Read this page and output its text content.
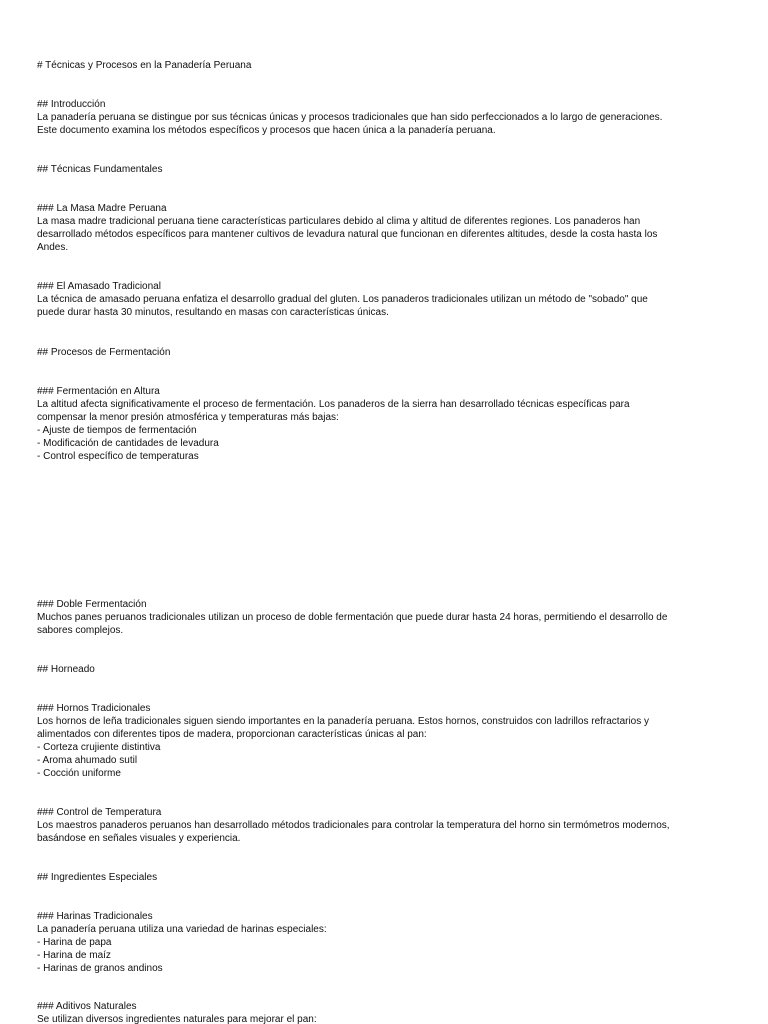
# Técnicas y Procesos en la Panadería Peruana
## Introducción
La panadería peruana se distingue por sus técnicas únicas y procesos tradicionales que han sido perfeccionados a lo largo de generaciones.
Este documento examina los métodos específicos y procesos que hacen única a la panadería peruana.
## Técnicas Fundamentales
### La Masa Madre Peruana
La masa madre tradicional peruana tiene características particulares debido al clima y altitud de diferentes regiones. Los panaderos han
desarrollado métodos específicos para mantener cultivos de levadura natural que funcionan en diferentes altitudes, desde la costa hasta los
Andes.
### El Amasado Tradicional
La técnica de amasado peruana enfatiza el desarrollo gradual del gluten. Los panaderos tradicionales utilizan un método de "sobado" que
puede durar hasta 30 minutos, resultando en masas con características únicas.
## Procesos de Fermentación
### Fermentación en Altura
La altitud afecta significativamente el proceso de fermentación. Los panaderos de la sierra han desarrollado técnicas específicas para
compensar la menor presión atmosférica y temperaturas más bajas:
- Ajuste de tiempos de fermentación
- Modificación de cantidades de levadura
- Control específico de temperaturas
### Doble Fermentación
Muchos panes peruanos tradicionales utilizan un proceso de doble fermentación que puede durar hasta 24 horas, permitiendo el desarrollo de
sabores complejos.
## Horneado
### Hornos Tradicionales
Los hornos de leña tradicionales siguen siendo importantes en la panadería peruana. Estos hornos, construidos con ladrillos refractarios y
alimentados con diferentes tipos de madera, proporcionan características únicas al pan:
- Corteza crujiente distintiva
- Aroma ahumado sutil
- Cocción uniforme
### Control de Temperatura
Los maestros panaderos peruanos han desarrollado métodos tradicionales para controlar la temperatura del horno sin termómetros modernos,
basándose en señales visuales y experiencia.
## Ingredientes Especiales
### Harinas Tradicionales
La panadería peruana utiliza una variedad de harinas especiales:
- Harina de papa
- Harina de maíz
- Harinas de granos andinos
### Aditivos Naturales
Se utilizan diversos ingredientes naturales para mejorar el pan:
